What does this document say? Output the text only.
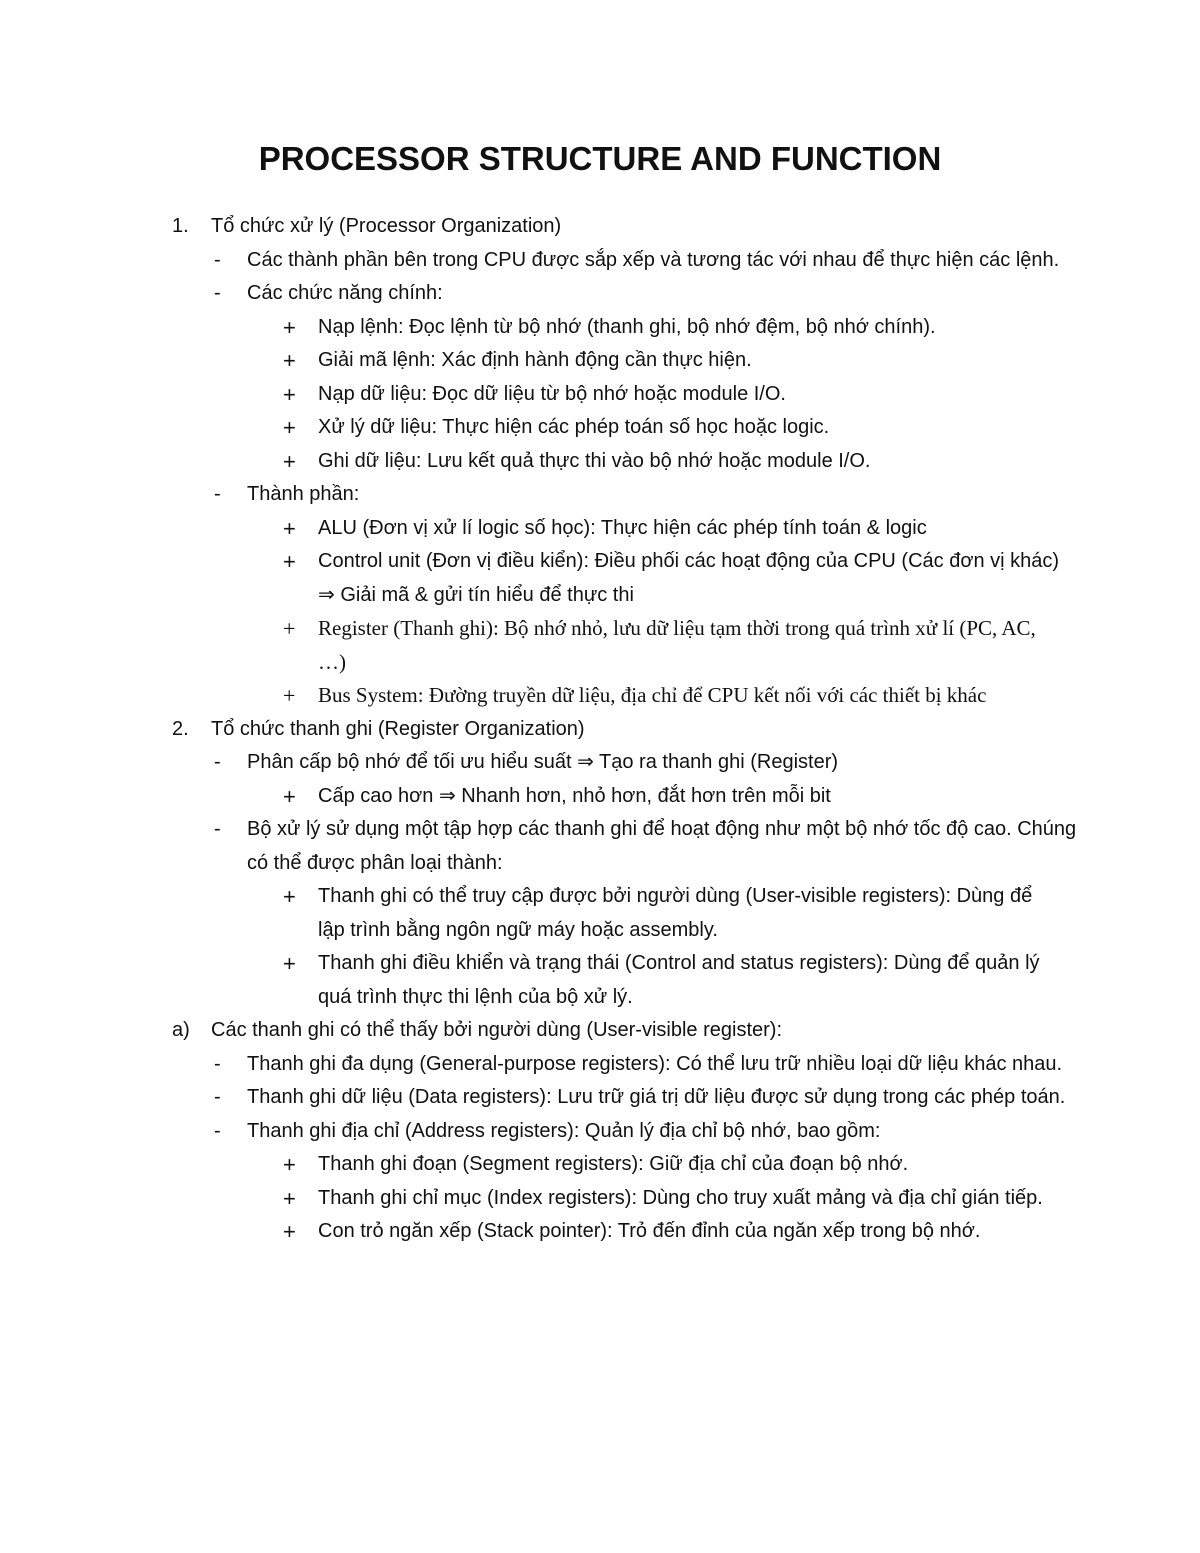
PROCESSOR STRUCTURE AND FUNCTION
1. Tổ chức xử lý (Processor Organization)
- Các thành phần bên trong CPU được sắp xếp và tương tác với nhau để thực hiện các lệnh.
- Các chức năng chính:
+ Nạp lệnh: Đọc lệnh từ bộ nhớ (thanh ghi, bộ nhớ đệm, bộ nhớ chính).
+ Giải mã lệnh: Xác định hành động cần thực hiện.
+ Nạp dữ liệu: Đọc dữ liệu từ bộ nhớ hoặc module I/O.
+ Xử lý dữ liệu: Thực hiện các phép toán số học hoặc logic.
+ Ghi dữ liệu: Lưu kết quả thực thi vào bộ nhớ hoặc module I/O.
- Thành phần:
+ ALU (Đơn vị xử lí logic số học): Thực hiện các phép tính toán & logic
+ Control unit (Đơn vị điều kiển): Điều phối các hoạt động của CPU (Các đơn vị khác) ⇒ Giải mã & gửi tín hiểu để thực thi
+ Register (Thanh ghi): Bộ nhớ nhỏ, lưu dữ liệu tạm thời trong quá trình xử lí (PC, AC, …)
+ Bus System: Đường truyền dữ liệu, địa chỉ để CPU kết nối với các thiết bị khác
2. Tổ chức thanh ghi (Register Organization)
- Phân cấp bộ nhớ để tối ưu hiểu suất ⇒ Tạo ra thanh ghi (Register)
+ Cấp cao hơn ⇒ Nhanh hơn, nhỏ hơn, đắt hơn trên mỗi bit
- Bộ xử lý sử dụng một tập hợp các thanh ghi để hoạt động như một bộ nhớ tốc độ cao. Chúng có thể được phân loại thành:
+ Thanh ghi có thể truy cập được bởi người dùng (User-visible registers): Dùng để lập trình bằng ngôn ngữ máy hoặc assembly.
+ Thanh ghi điều khiển và trạng thái (Control and status registers): Dùng để quản lý quá trình thực thi lệnh của bộ xử lý.
a) Các thanh ghi có thể thấy bởi người dùng (User-visible register):
- Thanh ghi đa dụng (General-purpose registers): Có thể lưu trữ nhiều loại dữ liệu khác nhau.
- Thanh ghi dữ liệu (Data registers): Lưu trữ giá trị dữ liệu được sử dụng trong các phép toán.
- Thanh ghi địa chỉ (Address registers): Quản lý địa chỉ bộ nhớ, bao gồm:
+ Thanh ghi đoạn (Segment registers): Giữ địa chỉ của đoạn bộ nhớ.
+ Thanh ghi chỉ mục (Index registers): Dùng cho truy xuất mảng và địa chỉ gián tiếp.
+ Con trỏ ngăn xếp (Stack pointer): Trỏ đến đỉnh của ngăn xếp trong bộ nhớ.
